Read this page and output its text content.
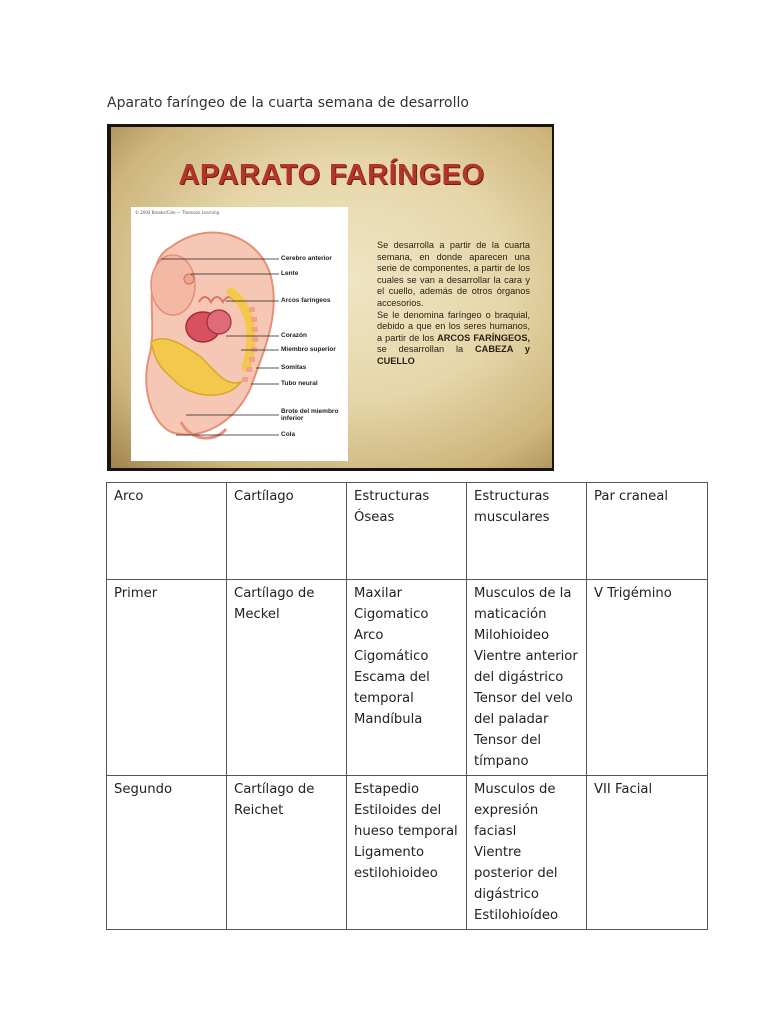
Aparato faríngeo de la cuarta semana de desarrollo
APARATO FARÍNGEO
© 2004 Brooks/Cole — Thomson Learning
Cerebro anterior
Lente
Arcos faríngeos
Corazón
Miembro superior
Somitas
Tubo neural
Brote del miembro inferior
Cola

Se desarrolla a partir de la cuarta semana, en donde aparecen una serie de componentes, a partir de los cuales se van a desarrollar la cara y el cuello, además de otros órganos accesorios.

Se le denomina faríngeo o braquial, debido a que en los seres humanos, a partir de los ARCOS FARÍNGEOS, se desarrollan la CABEZA y CUELLO

Arco	Cartílago	Estructuras Óseas	Estructuras musculares	Par craneal
Primer	Cartílago de Meckel	Maxilar
Cigomatico
Arco Cigomático
Escama del temporal
Mandíbula	Musculos de la maticación
Milohioideo
Vientre anterior del digástrico
Tensor del velo del paladar
Tensor del tímpano	V Trigémino
Segundo	Cartílago de Reichet	Estapedio
Estiloides del hueso temporal
Ligamento estilohioideo	Musculos de expresión faciasl
Vientre posterior del digástrico
Estilohioídeo	VII Facial
